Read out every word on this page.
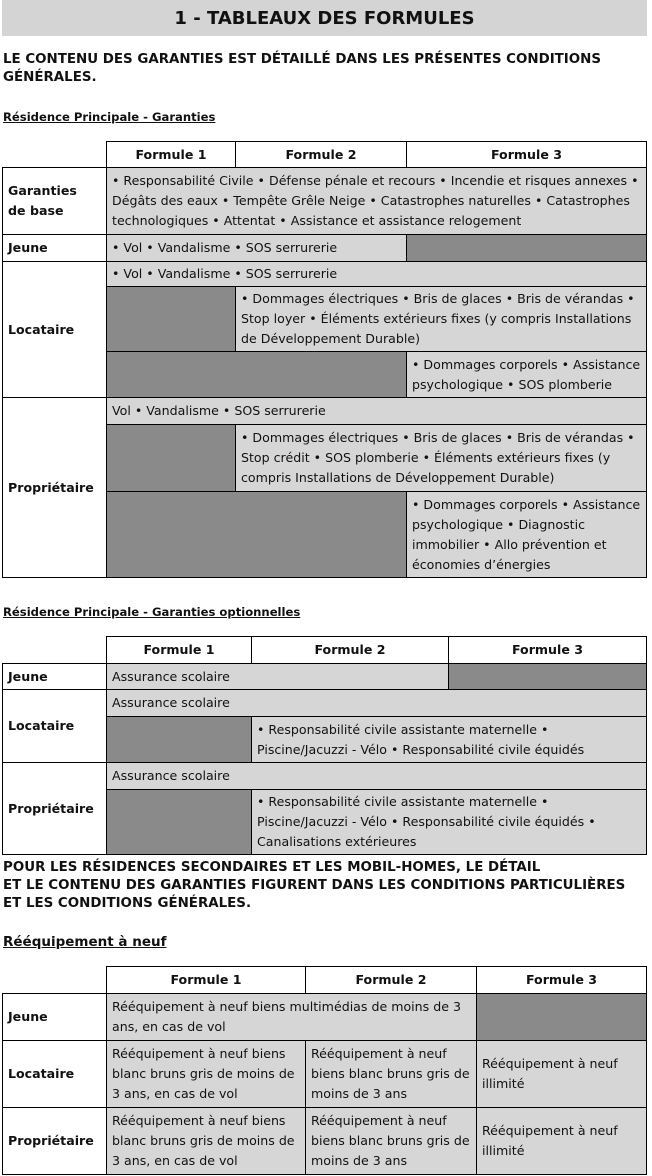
1 - TABLEAUX DES FORMULES
LE CONTENU DES GARANTIES EST DÉTAILLÉ DANS LES PRÉSENTES CONDITIONS
GÉNÉRALES.
Résidence Principale - Garanties
	Formule 1	Formule 2	Formule 3
Garanties
de base	• Responsabilité Civile • Défense pénale et recours • Incendie et risques annexes • Dégâts des eaux • Tempête Grêle Neige • Catastrophes naturelles • Catastrophes technologiques • Attentat • Assistance et assistance relogement		
Jeune	• Vol • Vandalisme • SOS serrurerie		
Locataire	• Vol • Vandalisme • SOS serrurerie		
		• Dommages électriques • Bris de glaces • Bris de vérandas • Stop loyer • Éléments extérieurs fixes (y compris Installations de Développement Durable)	
			• Dommages corporels • Assistance psychologique • SOS plomberie
Propriétaire	Vol • Vandalisme • SOS serrurerie		
		• Dommages électriques • Bris de glaces • Bris de vérandas • Stop crédit • SOS plomberie • Éléments extérieurs fixes (y compris Installations de Développement Durable)	
			• Dommages corporels • Assistance psychologique • Diagnostic immobilier • Allo prévention et économies d’énergies
Résidence Principale - Garanties optionnelles
	Formule 1	Formule 2	Formule 3
Jeune	Assurance scolaire		
Locataire	Assurance scolaire		
		• Responsabilité civile assistante maternelle • Piscine/Jacuzzi - Vélo • Responsabilité civile équidés	
Propriétaire	Assurance scolaire		
		• Responsabilité civile assistante maternelle • Piscine/Jacuzzi - Vélo • Responsabilité civile équidés • Canalisations extérieures	
POUR LES RÉSIDENCES SECONDAIRES ET LES MOBIL-HOMES, LE DÉTAIL
ET LE CONTENU DES GARANTIES FIGURENT DANS LES CONDITIONS PARTICULIÈRES
ET LES CONDITIONS GÉNÉRALES.
Rééquipement à neuf
	Formule 1	Formule 2	Formule 3
Jeune	Rééquipement à neuf biens multimédias de moins de 3 ans, en cas de vol		
Locataire	Rééquipement à neuf biens blanc bruns gris de moins de 3 ans, en cas de vol	Rééquipement à neuf biens blanc bruns gris de moins de 3 ans	Rééquipement à neuf illimité
Propriétaire	Rééquipement à neuf biens blanc bruns gris de moins de 3 ans, en cas de vol	Rééquipement à neuf biens blanc bruns gris de moins de 3 ans	Rééquipement à neuf illimité
